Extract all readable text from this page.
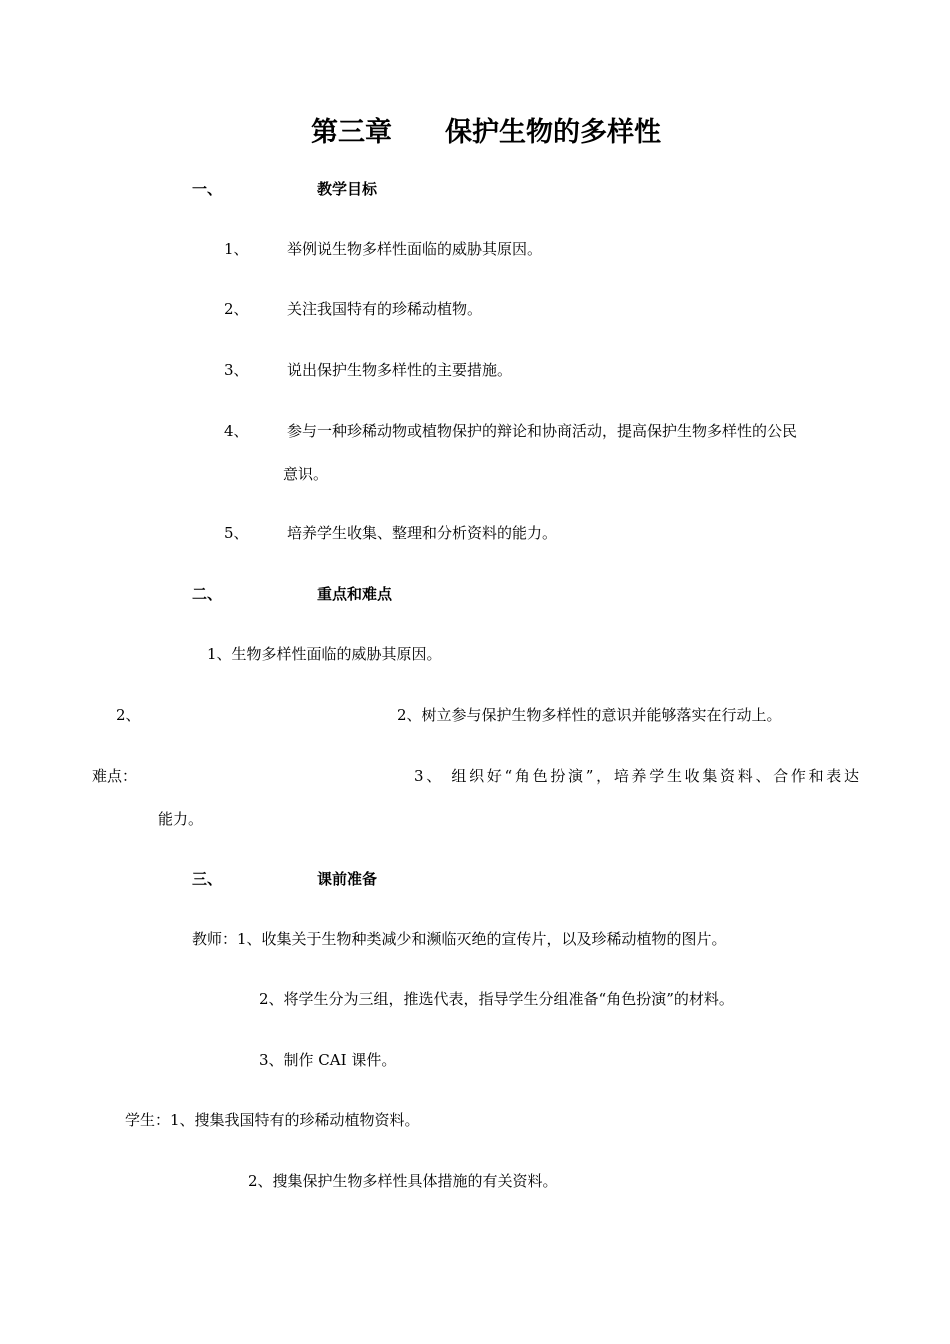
第三章 保护生物的多样性
一、	教学目标
1、	举例说生物多样性面临的威胁其原因。
2、	关注我国特有的珍稀动植物。
3、	说出保护生物多样性的主要措施。
4、	参与一种珍稀动物或植物保护的辩论和协商活动，提高保护生物多样性的公民
意识。
5、	培养学生收集、整理和分析资料的能力。
二、	重点和难点
1、生物多样性面临的威胁其原因。
2、	2、树立参与保护生物多样性的意识并能够落实在行动上。
难点：	3、 组织好“角色扮演”，培养学生收集资料、合作和表达
能力。
三、	课前准备
教师：1、收集关于生物种类减少和濒临灭绝的宣传片，以及珍稀动植物的图片。
2、将学生分为三组，推选代表，指导学生分组准备“角色扮演”的材料。
3、制作 CAI 课件。
学生：1、搜集我国特有的珍稀动植物资料。
2、搜集保护生物多样性具体措施的有关资料。
